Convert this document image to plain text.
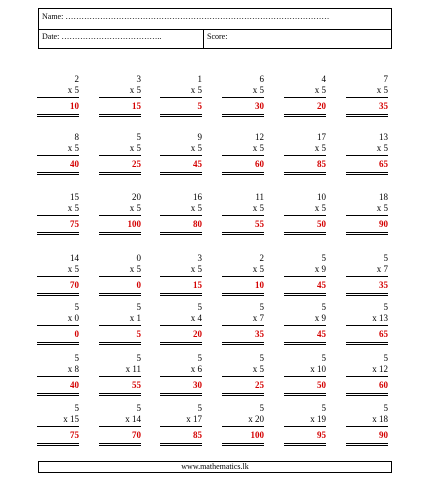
Name: ………………………………………………………………………………………
Date: ………………………………..	Score:
2
x 5
10
3
x 5
15
1
x 5
5
6
x 5
30
4
x 5
20
7
x 5
35
8
x 5
40
5
x 5
25
9
x 5
45
12
x 5
60
17
x 5
85
13
x 5
65
15
x 5
75
20
x 5
100
16
x 5
80
11
x 5
55
10
x 5
50
18
x 5
90
14
x 5
70
0
x 5
0
3
x 5
15
2
x 5
10
5
x 9
45
5
x 7
35
5
x 0
0
5
x 1
5
5
x 4
20
5
x 7
35
5
x 9
45
5
x 13
65
5
x 8
40
5
x 11
55
5
x 6
30
5
x 5
25
5
x 10
50
5
x 12
60
5
x 15
75
5
x 14
70
5
x 17
85
5
x 20
100
5
x 19
95
5
x 18
90
www.mathematics.lk
